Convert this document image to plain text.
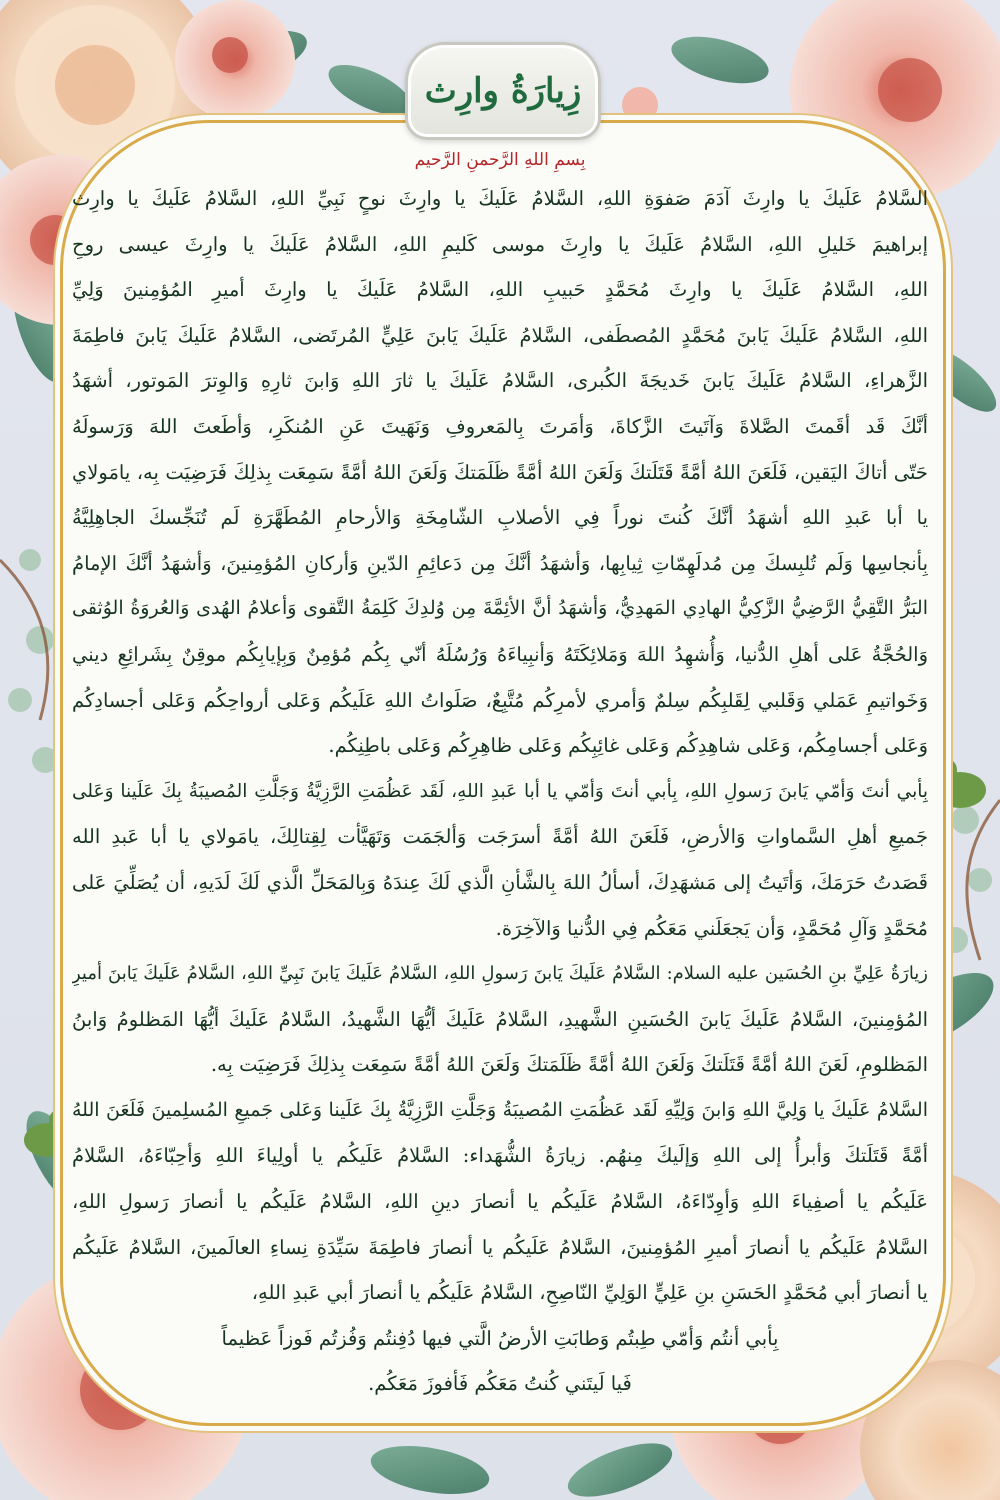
زِيارَةُ وارِث
بِسمِ اللهِ الرَّحمنِ الرَّحيم
السَّلامُ عَلَيكَ يا وارِثَ آدَمَ صَفوَةِ اللهِ، السَّلامُ عَلَيكَ يا وارِثَ نوحٍ نَبِيِّ اللهِ، السَّلامُ عَلَيكَ يا وارِث
إبراهيمَ خَليلِ اللهِ، السَّلامُ عَلَيكَ يا وارِثَ موسى كَليمِ اللهِ، السَّلامُ عَلَيكَ يا وارِثَ عيسى روحِ
اللهِ، السَّلامُ عَلَيكَ يا وارِثَ مُحَمَّدٍ حَبيبِ اللهِ، السَّلامُ عَلَيكَ يا وارِثَ أميرِ المُؤمِنينَ وَلِيِّ
اللهِ، السَّلامُ عَلَيكَ يَابنَ مُحَمَّدٍ المُصطَفى، السَّلامُ عَلَيكَ يَابنَ عَلِيٍّ المُرتَضى، السَّلامُ عَلَيكَ يَابنَ فاطِمَةَ
الزَّهراءِ، السَّلامُ عَلَيكَ يَابنَ خَديجَةَ الكُبرى، السَّلامُ عَلَيكَ يا ثارَ اللهِ وَابنَ ثارِهِ وَالوِترَ المَوتور، أشهَدُ
أنَّكَ قَد أقَمتَ الصَّلاةَ وَآتَيتَ الزَّكاةَ، وَأمَرتَ بِالمَعروفِ وَنَهَيتَ عَنِ المُنكَرِ، وَأطَعتَ اللهَ وَرَسولَهُ
حَتّى أتاكَ اليَقين، فَلَعَنَ اللهُ أمَّةً قَتَلَتكَ وَلَعَنَ اللهُ أمَّةً ظَلَمَتكَ وَلَعَنَ اللهُ أمَّةً سَمِعَت بِذلِكَ فَرَضِيَت بِه، يامَولاي
يا أبا عَبدِ اللهِ أشهَدُ أنَّكَ كُنتَ نوراً فِي الأصلابِ الشّامِخَةِ وَالأرحامِ المُطَهَّرَةِ لَم تُنَجِّسكَ الجاهِلِيَّةُ
بِأنجاسِها وَلَم تُلبِسكَ مِن مُدلَهِمّاتِ ثِيابِها، وَأشهَدُ أنَّكَ مِن دَعائِمِ الدّينِ وَأركانِ المُؤمِنينَ، وَأشهَدُ أنَّكَ الإمامُ
البَرُّ التَّقِيُّ الرَّضِيُّ الزَّكِيُّ الهادِي المَهدِيُّ، وَأشهَدُ أنَّ الأئِمَّةَ مِن وُلدِكَ كَلِمَةُ التَّقوى وَأعلامُ الهُدى وَالعُروَةُ الوُثقى
وَالحُجَّةُ عَلى أهلِ الدُّنيا، وَأُشهِدُ اللهَ وَمَلائِكَتَهُ وَأنبِياءَهُ وَرُسُلَهُ أنّي بِكُم مُؤمِنٌ وَبِإيابِكُم موقِنٌ بِشَرائِعِ ديني
وَخَواتيمِ عَمَلي وَقَلبي لِقَلبِكُم سِلمٌ وَأمري لأمرِكُم مُتَّبِعٌ، صَلَواتُ اللهِ عَلَيكُم وَعَلى أرواحِكُم وَعَلى أجسادِكُم
وَعَلى أجسامِكُم، وَعَلى شاهِدِكُم وَعَلى غائِبِكُم وَعَلى ظاهِرِكُم وَعَلى باطِنِكُم.
بِأبي أنتَ وَأمّي يَابنَ رَسولِ اللهِ، بِأبي أنتَ وَأمّي يا أبا عَبدِ اللهِ، لَقَد عَظُمَتِ الرَّزِيَّةُ وَجَلَّتِ المُصيبَةُ بِكَ عَلَينا وَعَلى
جَميعِ أهلِ السَّماواتِ وَالأرضِ، فَلَعَنَ اللهُ أمَّةً أسرَجَت وَألجَمَت وَتَهَيَّأت لِقِتالِكَ، يامَولاي يا أبا عَبدِ الله
قَصَدتُ حَرَمَكَ، وَأتَيتُ إلى مَشهَدِكَ، أسألُ اللهَ بِالشَّأنِ الَّذي لَكَ عِندَهُ وَبِالمَحَلِّ الَّذي لَكَ لَدَيهِ، أن يُصَلِّيَ عَلى
مُحَمَّدٍ وَآلِ مُحَمَّدٍ، وَأن يَجعَلَني مَعَكُم فِي الدُّنيا وَالآخِرَة.
زيارَةُ عَلِيِّ بنِ الحُسَين عليه السلام: السَّلامُ عَلَيكَ يَابنَ رَسولِ اللهِ، السَّلامُ عَلَيكَ يَابنَ نَبِيِّ اللهِ، السَّلامُ عَلَيكَ يَابنَ أميرِ
المُؤمِنينَ، السَّلامُ عَلَيكَ يَابنَ الحُسَينِ الشَّهيدِ، السَّلامُ عَلَيكَ أيُّهَا الشَّهيدُ، السَّلامُ عَلَيكَ أيُّهَا المَظلومُ وَابنُ
المَظلومِ، لَعَنَ اللهُ أمَّةً قَتَلَتكَ وَلَعَنَ اللهُ أمَّةً ظَلَمَتكَ وَلَعَنَ اللهُ أمَّةً سَمِعَت بِذلِكَ فَرَضِيَت بِه.
السَّلامُ عَلَيكَ يا وَلِيَّ اللهِ وَابنَ وَلِيِّهِ لَقَد عَظُمَتِ المُصيبَةُ وَجَلَّتِ الرَّزِيَّةُ بِكَ عَلَينا وَعَلى جَميعِ المُسلِمينَ فَلَعَنَ اللهُ
أمَّةً قَتَلَتكَ وَأبرأُ إلى اللهِ وَإلَيكَ مِنهُم. زيارَةُ الشُّهَداء: السَّلامُ عَلَيكُم يا أولِياءَ اللهِ وَأحِبّاءَهُ، السَّلامُ
عَلَيكُم يا أصفِياءَ اللهِ وَأوِدّاءَهُ، السَّلامُ عَلَيكُم يا أنصارَ دينِ اللهِ، السَّلامُ عَلَيكُم يا أنصارَ رَسولِ اللهِ،
السَّلامُ عَلَيكُم يا أنصارَ أميرِ المُؤمِنينَ، السَّلامُ عَلَيكُم يا أنصارَ فاطِمَةَ سَيِّدَةِ نِساءِ العالَمينَ، السَّلامُ عَلَيكُم
يا أنصارَ أبي مُحَمَّدٍ الحَسَنِ بنِ عَلِيٍّ الوَلِيِّ النّاصِحِ، السَّلامُ عَلَيكُم يا أنصارَ أبي عَبدِ اللهِ،
بِأبي أنتُم وَأمّي طِبتُم وَطابَتِ الأرضُ الَّتي فيها دُفِنتُم وَفُزتُم فَوزاً عَظيماً
فَيا لَيتَني كُنتُ مَعَكُم فَأفوزَ مَعَكُم.
